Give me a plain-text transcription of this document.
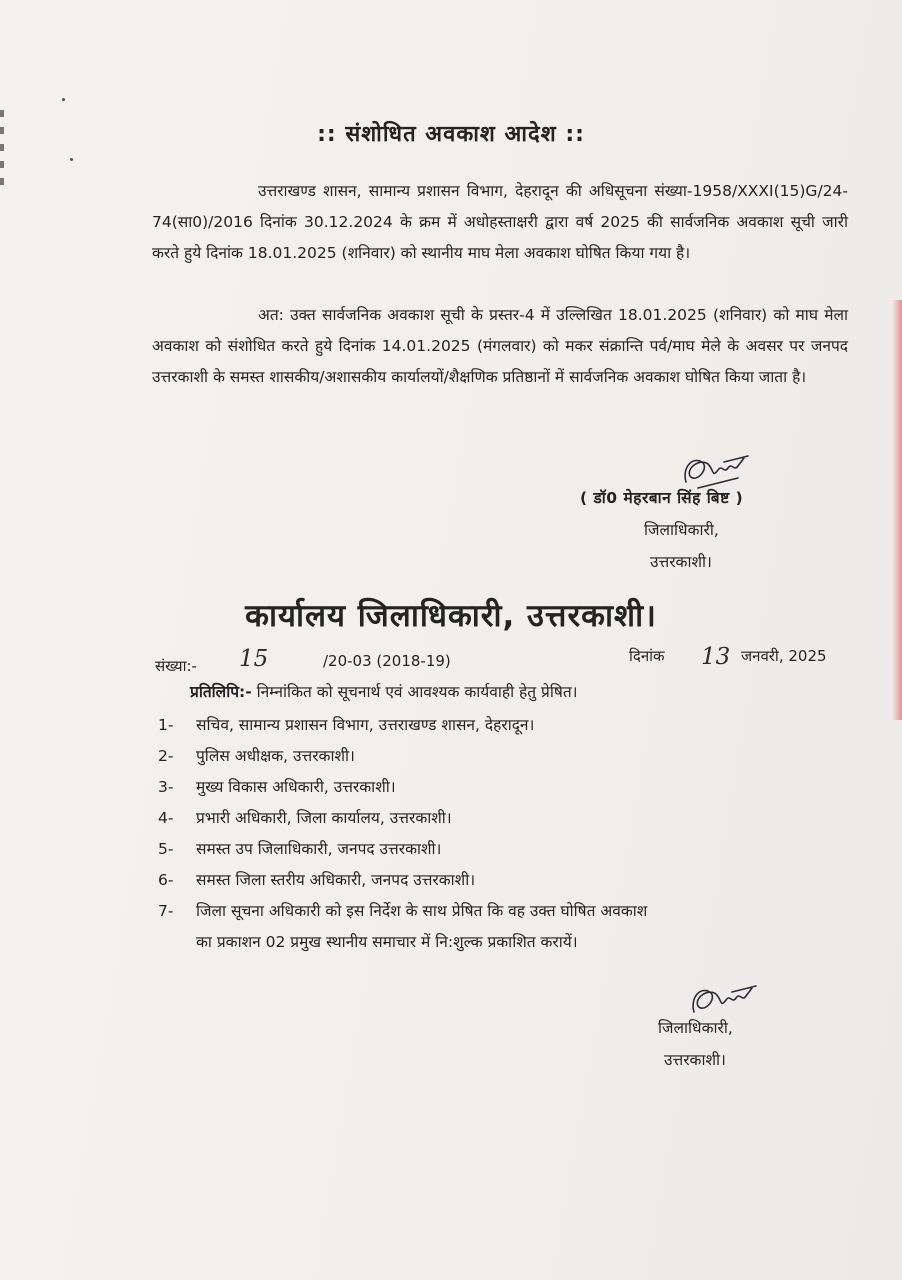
:: संशोधित अवकाश आदेश ::

उत्तराखण्ड शासन, सामान्य प्रशासन विभाग, देहरादून की अधिसूचना संख्या-1958/XXXI(15)G/24-74(सा0)/2016 दिनांक 30.12.2024 के क्रम में अधोहस्ताक्षरी द्वारा वर्ष 2025 की सार्वजनिक अवकाश सूची जारी करते हुये दिनांक 18.01.2025 (शनिवार) को स्थानीय माघ मेला अवकाश घोषित किया गया है।

अत: उक्त सार्वजनिक अवकाश सूची के प्रस्तर-4 में उल्लिखित 18.01.2025 (शनिवार) को माघ मेला अवकाश को संशोधित करते हुये दिनांक 14.01.2025 (मंगलवार) को मकर संक्रान्ति पर्व/माघ मेले के अवसर पर जनपद उत्तरकाशी के समस्त शासकीय/अशासकीय कार्यालयों/शैक्षणिक प्रतिष्ठानों में सार्वजनिक अवकाश घोषित किया जाता है।

( डॉ0 मेहरबान सिंह बिष्ट )
जिलाधिकारी,
उत्तरकाशी।
कार्यालय जिलाधिकारी, उत्तरकाशी।
संख्या:- 15	/20-03 (2018-19)	दिनांक 13 जनवरी, 2025
प्रतिलिपि:- निम्नांकित को सूचनार्थ एवं आवश्यक कार्यवाही हेतु प्रेषित।
1- सचिव, सामान्य प्रशासन विभाग, उत्तराखण्ड शासन, देहरादून।
2- पुलिस अधीक्षक, उत्तरकाशी।
3- मुख्य विकास अधिकारी, उत्तरकाशी।
4- प्रभारी अधिकारी, जिला कार्यालय, उत्तरकाशी।
5- समस्त उप जिलाधिकारी, जनपद उत्तरकाशी।
6- समस्त जिला स्तरीय अधिकारी, जनपद उत्तरकाशी।
7- जिला सूचना अधिकारी को इस निर्देश के साथ प्रेषित कि वह उक्त घोषित अवकाश
का प्रकाशन 02 प्रमुख स्थानीय समाचार में नि:शुल्क प्रकाशित करायें।
जिलाधिकारी,
उत्तरकाशी।
